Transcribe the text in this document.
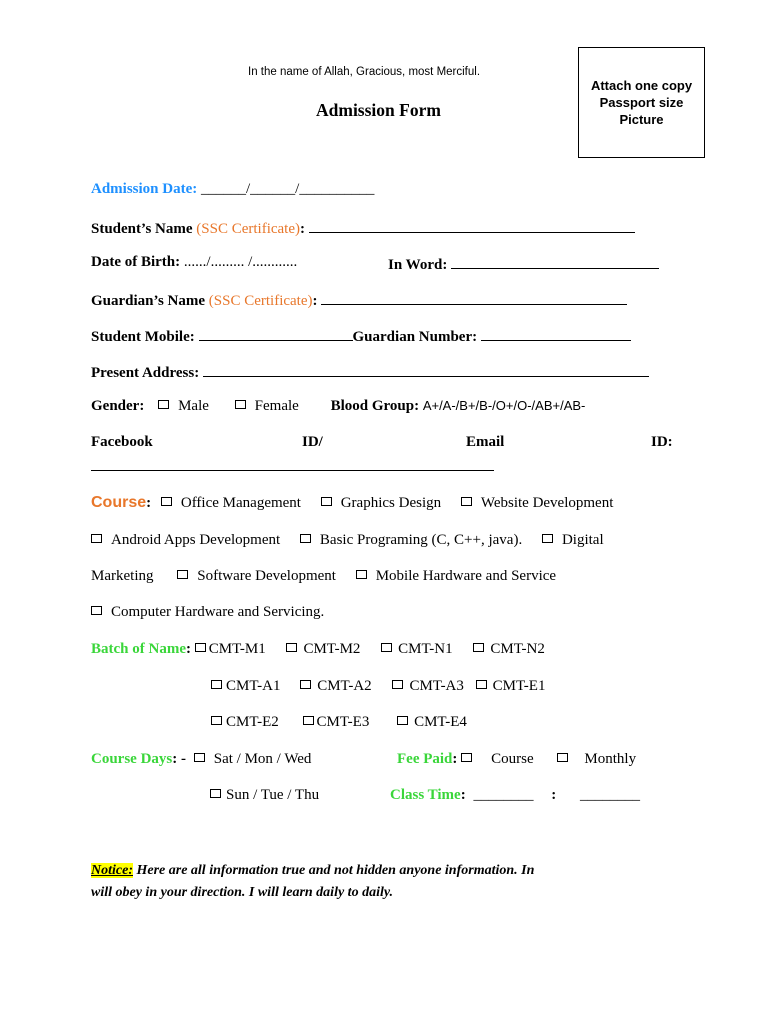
In the name of Allah, Gracious, most Merciful.
Admission Form
Attach one copy Passport size Picture
Admission Date: ______/______/__________
Student’s Name (SSC Certificate):
Date of Birth: ....../......... /............	In Word:
Guardian’s Name (SSC Certificate):
Student Mobile:	Guardian Number:
Present Address:
Gender: Male	Female Blood Group: A+/A-/B+/B-/O+/O-/AB+/AB-
Facebook	ID/	Email	ID:
Course: Office Management	Graphics Design	Website Development
Android Apps Development	Basic Programing (C, C++, java).	Digital
Marketing	Software Development	Mobile Hardware and Service
Computer Hardware and Servicing.
Batch of Name: CMT-M1	CMT-M2	CMT-N1	CMT-N2
CMT-A1 CMT-A2	CMT-A3 CMT-E1
CMT-E2	CMT-E3	CMT-E4
Course Days: - Sat / Mon / Wed	Fee Paid: Course	Monthly
Sun / Tue / Thu	Class Time: ________ : ________
Notice: Here are all information true and not hidden anyone information. In
will obey in your direction. I will learn daily to daily.
